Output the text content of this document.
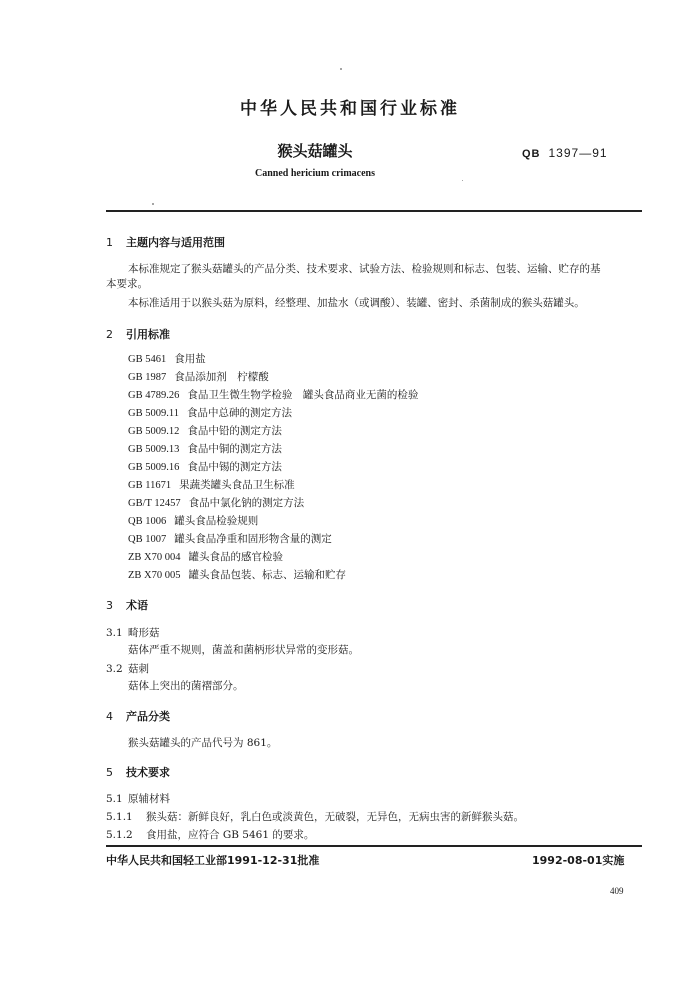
中华人民共和国行业标准
猴头菇罐头	QB 1397—91
Canned hericium crimacens
1 主题内容与适用范围
本标准规定了猴头菇罐头的产品分类、技术要求、试验方法、检验规则和标志、包装、运输、贮存的基
本要求。
本标准适用于以猴头菇为原料，经整理、加盐水（或调酸）、装罐、密封、杀菌制成的猴头菇罐头。
2 引用标准
GB 5461 食用盐
GB 1987 食品添加剂　柠檬酸
GB 4789.26 食品卫生微生物学检验　罐头食品商业无菌的检验
GB 5009.11 食品中总砷的测定方法
GB 5009.12 食品中铅的测定方法
GB 5009.13 食品中铜的测定方法
GB 5009.16 食品中锡的测定方法
GB 11671 果蔬类罐头食品卫生标准
GB/T 12457 食品中氯化钠的测定方法
QB 1006 罐头食品检验规则
QB 1007 罐头食品净重和固形物含量的测定
ZB X70 004 罐头食品的感官检验
ZB X70 005 罐头食品包装、标志、运输和贮存
3 术语
3.1 畸形菇
菇体严重不规则，菌盖和菌柄形状异常的变形菇。
3.2 菇刺
菇体上突出的菌褶部分。
4 产品分类
猴头菇罐头的产品代号为 861。
5 技术要求
5.1 原辅材料
5.1.1 猴头菇：新鲜良好，乳白色或淡黄色，无破裂，无异色，无病虫害的新鲜猴头菇。
5.1.2 食用盐，应符合 GB 5461 的要求。
中华人民共和国轻工业部1991-12-31批准	1992-08-01实施
409
